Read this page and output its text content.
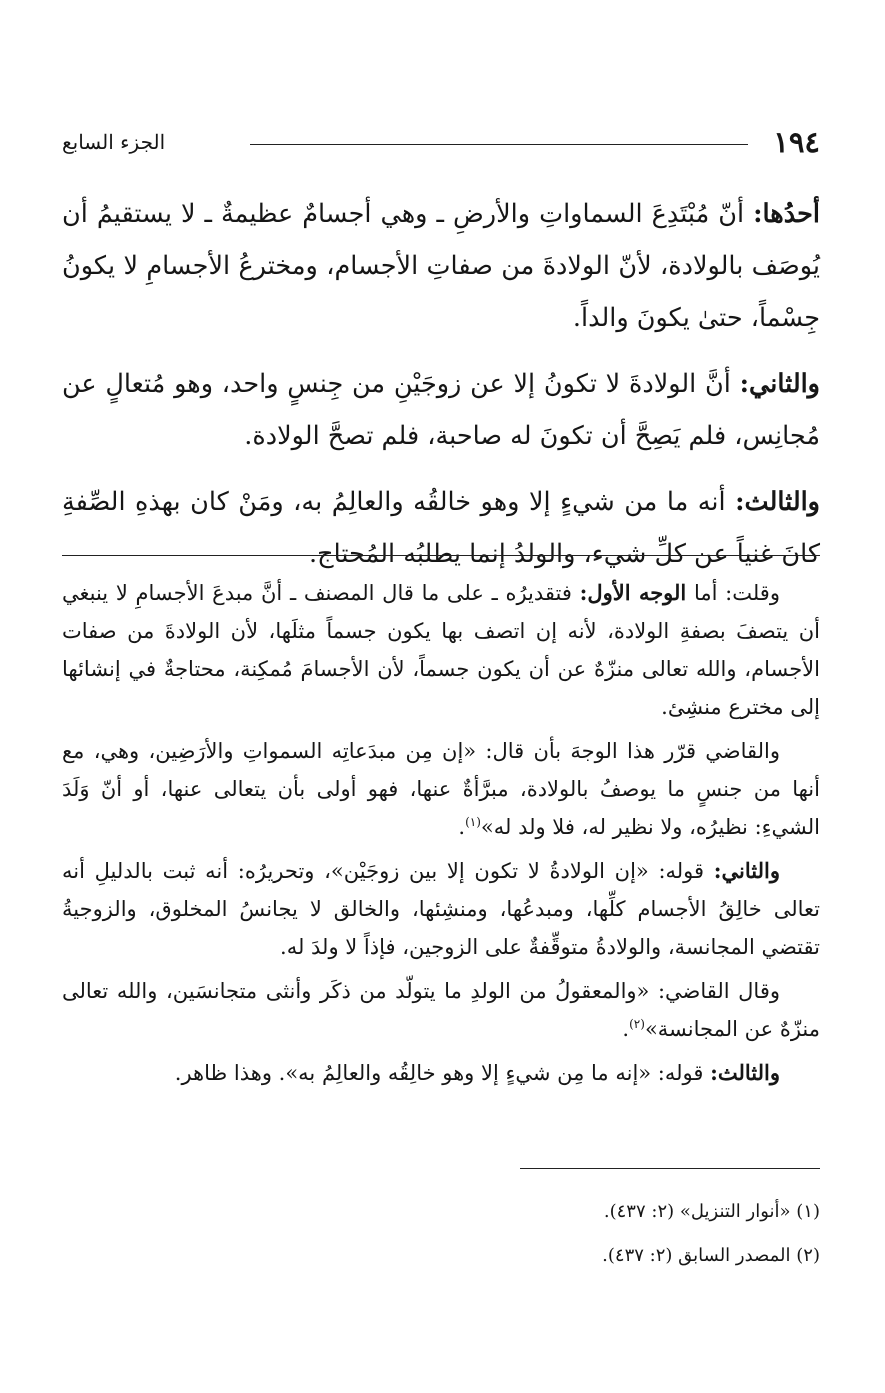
١٩٤
الجزء السابع

أحدُها: أنّ مُبْتَدِعَ السماواتِ والأرضِ ـ وهي أجسامٌ عظيمةٌ ـ لا يستقيمُ أن يُوصَف بالولادة، لأنّ الولادةَ من صفاتِ الأجسام، ومخترعُ الأجسامِ لا يكونُ جِسْماً، حتىٰ يكونَ والداً.

والثاني: أنَّ الولادةَ لا تكونُ إلا عن زوجَيْنِ من جِنسٍ واحد، وهو مُتعالٍ عن مُجانِس، فلم يَصِحَّ أن تكونَ له صاحبة، فلم تصحَّ الولادة.

والثالث: أنه ما من شيءٍ إلا وهو خالقُه والعالِمُ به، ومَنْ كان بهذهِ الصِّفةِ كانَ غنياً عن كلِّ شيء، والولدُ إنما يطلبُه المُحتاج.

وقلت: أما الوجه الأول: فتقديرُه ـ على ما قال المصنف ـ أنَّ مبدعَ الأجسامِ لا ينبغي أن يتصفَ بصفةِ الولادة، لأنه إن اتصف بها يكون جسماً مثلَها، لأن الولادةَ من صفات الأجسام، والله تعالى منزّهٌ عن أن يكون جسماً، لأن الأجسامَ مُمكِنة، محتاجةٌ في إنشائها إلى مخترع منشِئ.

والقاضي قرّر هذا الوجهَ بأن قال: «إن مِن مبدَعاتِه السمواتِ والأرَضِين، وهي، مع أنها من جنسٍ ما يوصفُ بالولادة، مبرَّأةٌ عنها، فهو أولى بأن يتعالى عنها، أو أنّ وَلَدَ الشيءِ: نظيرُه، ولا نظير له، فلا ولد له»$^{(١)}$.

والثاني: قوله: «إن الولادةُ لا تكون إلا بين زوجَيْن»، وتحريرُه: أنه ثبت بالدليلِ أنه تعالى خالِقُ الأجسام كلِّها، ومبدعُها، ومنشِئها، والخالق لا يجانسُ المخلوق، والزوجيةُ تقتضي المجانسة، والولادةُ متوقِّفةٌ على الزوجين، فإذاً لا ولدَ له.

وقال القاضي: «والمعقولُ من الولدِ ما يتولّد من ذكَر وأنثى متجانسَين، والله تعالى منزّهٌ عن المجانسة»$^{(٢)}$.

والثالث: قوله: «إنه ما مِن شيءٍ إلا وهو خالِقُه والعالِمُ به». وهذا ظاهر.

(١) «أنوار التنزيل» (٢: ٤٣٧).

(٢) المصدر السابق (٢: ٤٣٧).
